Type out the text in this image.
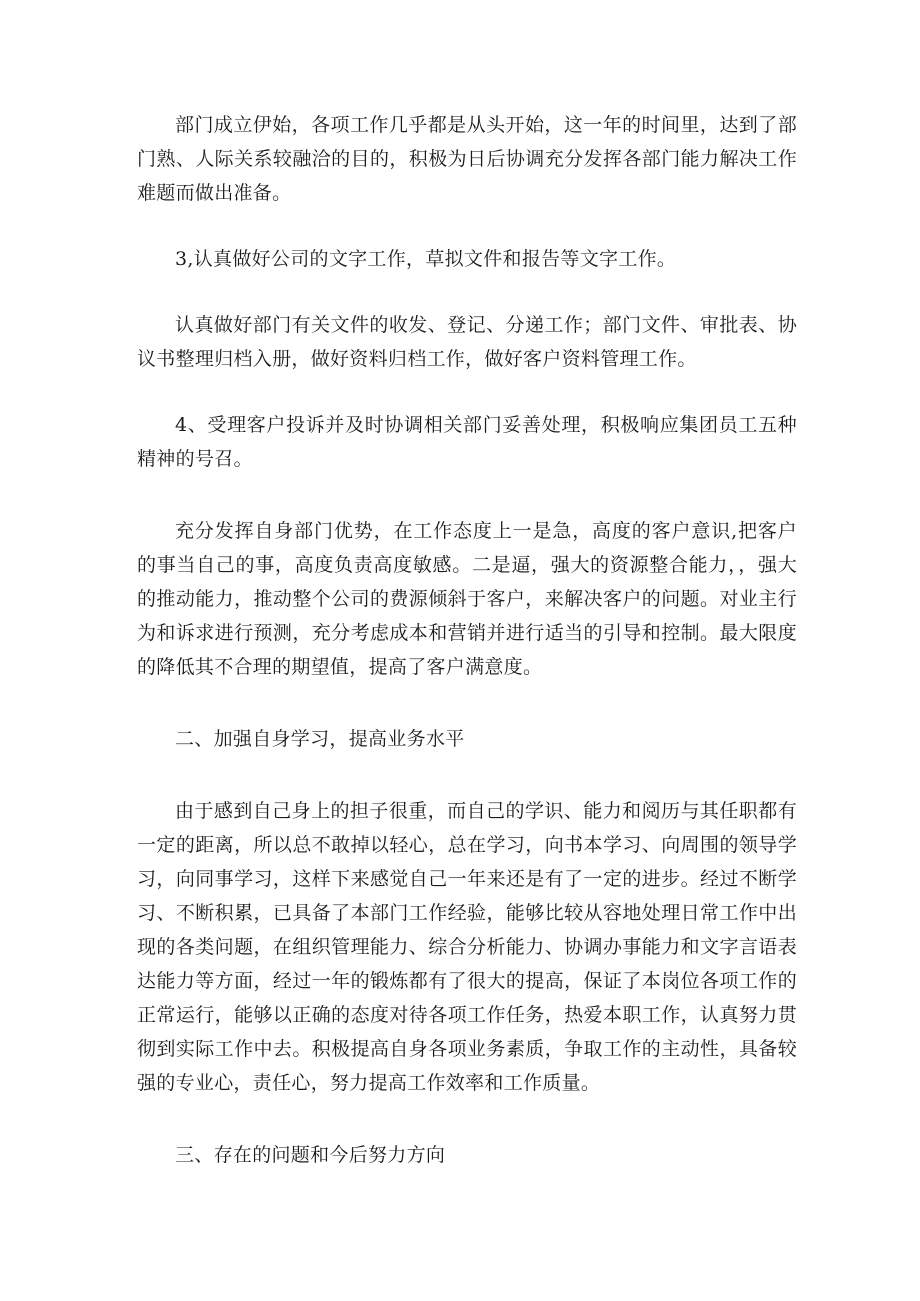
部门成立伊始，各项工作几乎都是从头开始，这一年的时间里，达到了部门熟、人际关系较融洽的目的，积极为日后协调充分发挥各部门能力解决工作难题而做出准备。

3,认真做好公司的文字工作，草拟文件和报告等文字工作。

认真做好部门有关文件的收发、登记、分递工作；部门文件、审批表、协议书整理归档入册，做好资料归档工作，做好客户资料管理工作。

4、受理客户投诉并及时协调相关部门妥善处理，积极响应集团员工五种精神的号召。

充分发挥自身部门优势，在工作态度上一是急，高度的客户意识,把客户的事当自己的事，高度负责高度敏感。二是逼，强大的资源整合能力，，强大的推动能力，推动整个公司的费源倾斜于客户，来解决客户的问题。对业主行为和诉求进行预测，充分考虑成本和营销并进行适当的引导和控制。最大限度的降低其不合理的期望值，提高了客户满意度。

二、加强自身学习，提高业务水平

由于感到自己身上的担子很重，而自己的学识、能力和阅历与其任职都有一定的距离，所以总不敢掉以轻心，总在学习，向书本学习、向周围的领导学习，向同事学习，这样下来感觉自己一年来还是有了一定的进步。经过不断学习、不断积累，已具备了本部门工作经验，能够比较从容地处理日常工作中出现的各类问题，在组织管理能力、综合分析能力、协调办事能力和文字言语表达能力等方面，经过一年的锻炼都有了很大的提高，保证了本岗位各项工作的正常运行，能够以正确的态度对待各项工作任务，热爱本职工作，认真努力贯彻到实际工作中去。积极提高自身各项业务素质，争取工作的主动性，具备较强的专业心，责任心，努力提高工作效率和工作质量。

三、存在的问题和今后努力方向
